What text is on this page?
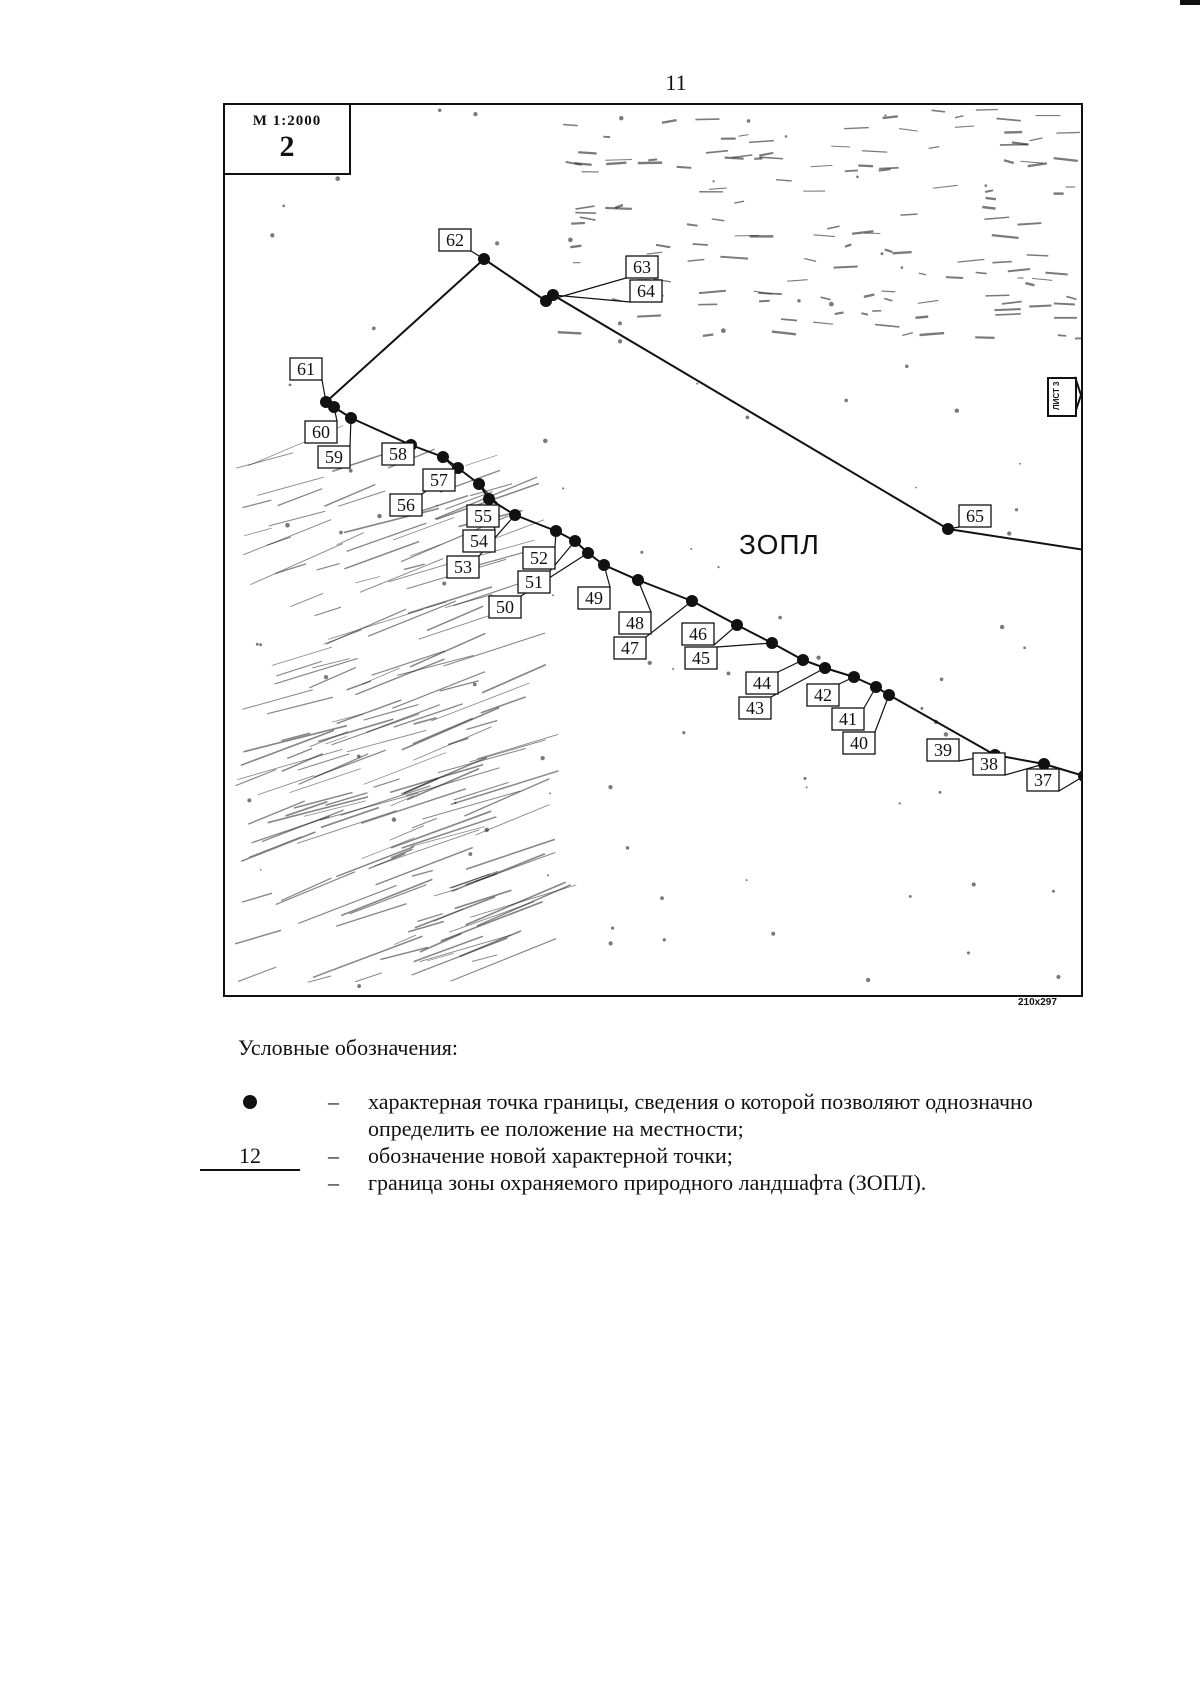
11
37
38
39
40
41
42
43
44
45
46
47
48
49
50
51
52
53
54
55
56
57
58
59
60
61
62
63
64
65
М 1:2000
2
ЛИСТ 3
ЗОПЛ
210x297
Условные обозначения:
– характерная точка границы, сведения о которой позволяют однозначно определить ее положение на местности;
12	– обозначение новой характерной точки;
– граница зоны охраняемого природного ландшафта (ЗОПЛ).
